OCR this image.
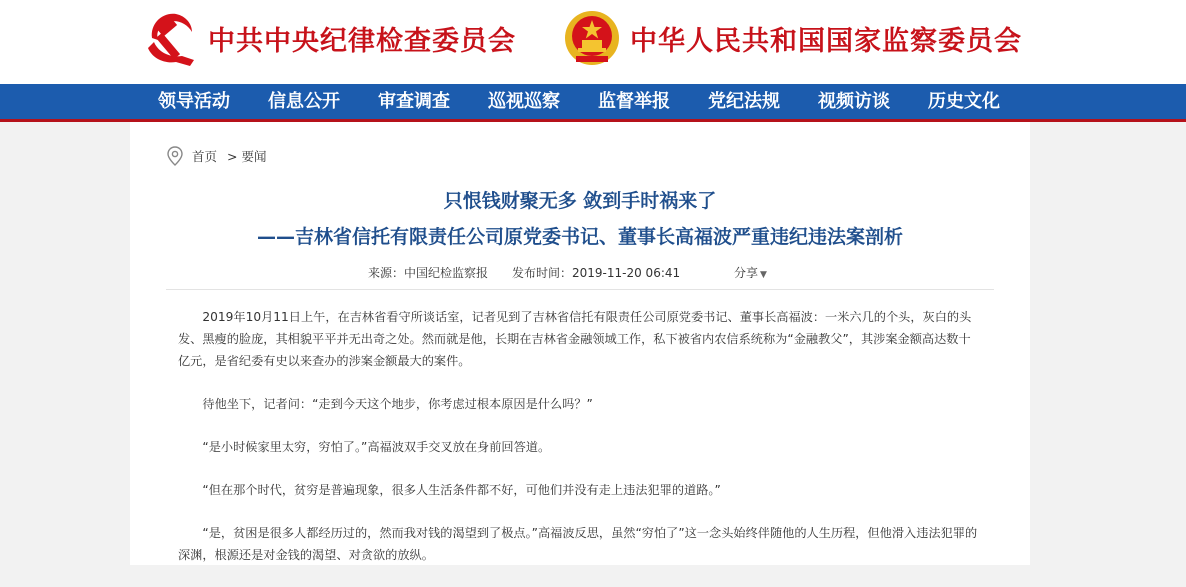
中共中央纪律检查委员会	中华人民共和国国家监察委员会
领导活动	信息公开	审查调查	巡视巡察	监督举报	党纪法规	视频访谈	历史文化
首页 > 要闻
只恨钱财聚无多 敛到手时祸来了
——吉林省信托有限责任公司原党委书记、董事长高福波严重违纪违法案剖析
来源：中国纪检监察报 发布时间：2019-11-20 06:41	分享 ▼

2019年10月11日上午，在吉林省看守所谈话室，记者见到了吉林省信托有限责任公司原党委书记、董事长高福波：一米六几的个头，灰白的头发、黑瘦的脸庞，其相貌平平并无出奇之处。然而就是他，长期在吉林省金融领域工作，私下被省内农信系统称为“金融教父”，其涉案金额高达数十亿元，是省纪委有史以来查办的涉案金额最大的案件。

待他坐下，记者问：“走到今天这个地步，你考虑过根本原因是什么吗？”

“是小时候家里太穷，穷怕了。”高福波双手交叉放在身前回答道。

“但在那个时代，贫穷是普遍现象，很多人生活条件都不好，可他们并没有走上违法犯罪的道路。”

“是，贫困是很多人都经历过的，然而我对钱的渴望到了极点。”高福波反思，虽然“穷怕了”这一念头始终伴随他的人生历程，但他滑入违法犯罪的深渊，根源还是对金钱的渴望、对贪欲的放纵。
